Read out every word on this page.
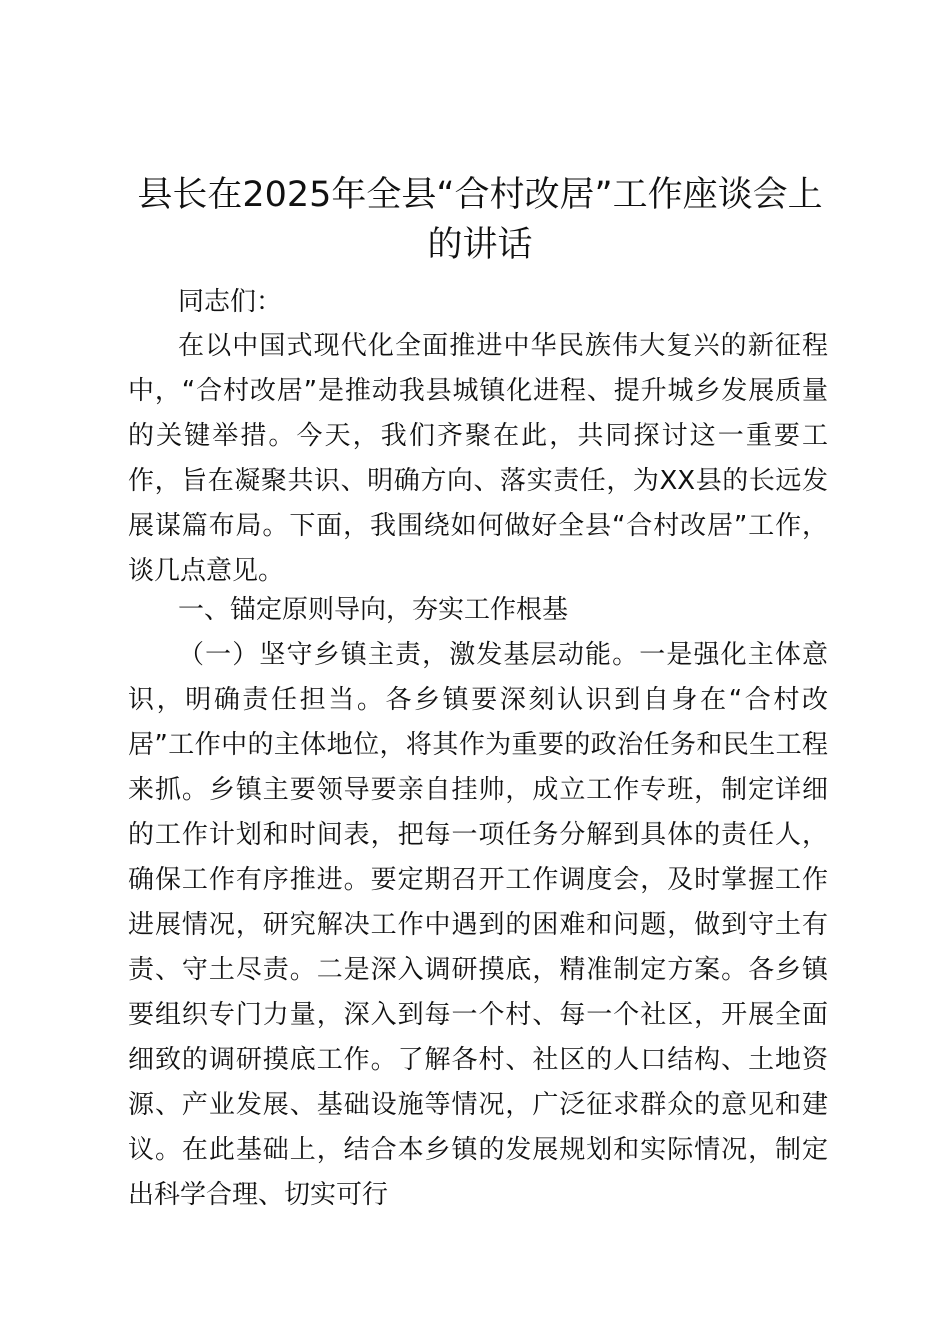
县长在2025年全县“合村改居”工作座谈会上
的讲话

同志们：

在以中国式现代化全面推进中华民族伟大复兴的新征程中，“合村改居”是推动我县城镇化进程、提升城乡发展质量的关键举措。今天，我们齐聚在此，共同探讨这一重要工作，旨在凝聚共识、明确方向、落实责任，为XX县的长远发展谋篇布局。下面，我围绕如何做好全县“合村改居”工作，谈几点意见。

一、锚定原则导向，夯实工作根基

（一）坚守乡镇主责，激发基层动能。一是强化主体意识，明确责任担当。各乡镇要深刻认识到自身在“合村改居”工作中的主体地位，将其作为重要的政治任务和民生工程来抓。乡镇主要领导要亲自挂帅，成立工作专班，制定详细的工作计划和时间表，把每一项任务分解到具体的责任人，确保工作有序推进。要定期召开工作调度会，及时掌握工作进展情况，研究解决工作中遇到的困难和问题，做到守土有责、守土尽责。二是深入调研摸底，精准制定方案。各乡镇要组织专门力量，深入到每一个村、每一个社区，开展全面细致的调研摸底工作。了解各村、社区的人口结构、土地资源、产业发展、基础设施等情况，广泛征求群众的意见和建议。在此基础上，结合本乡镇的发展规划和实际情况，制定出科学合理、切实可行
